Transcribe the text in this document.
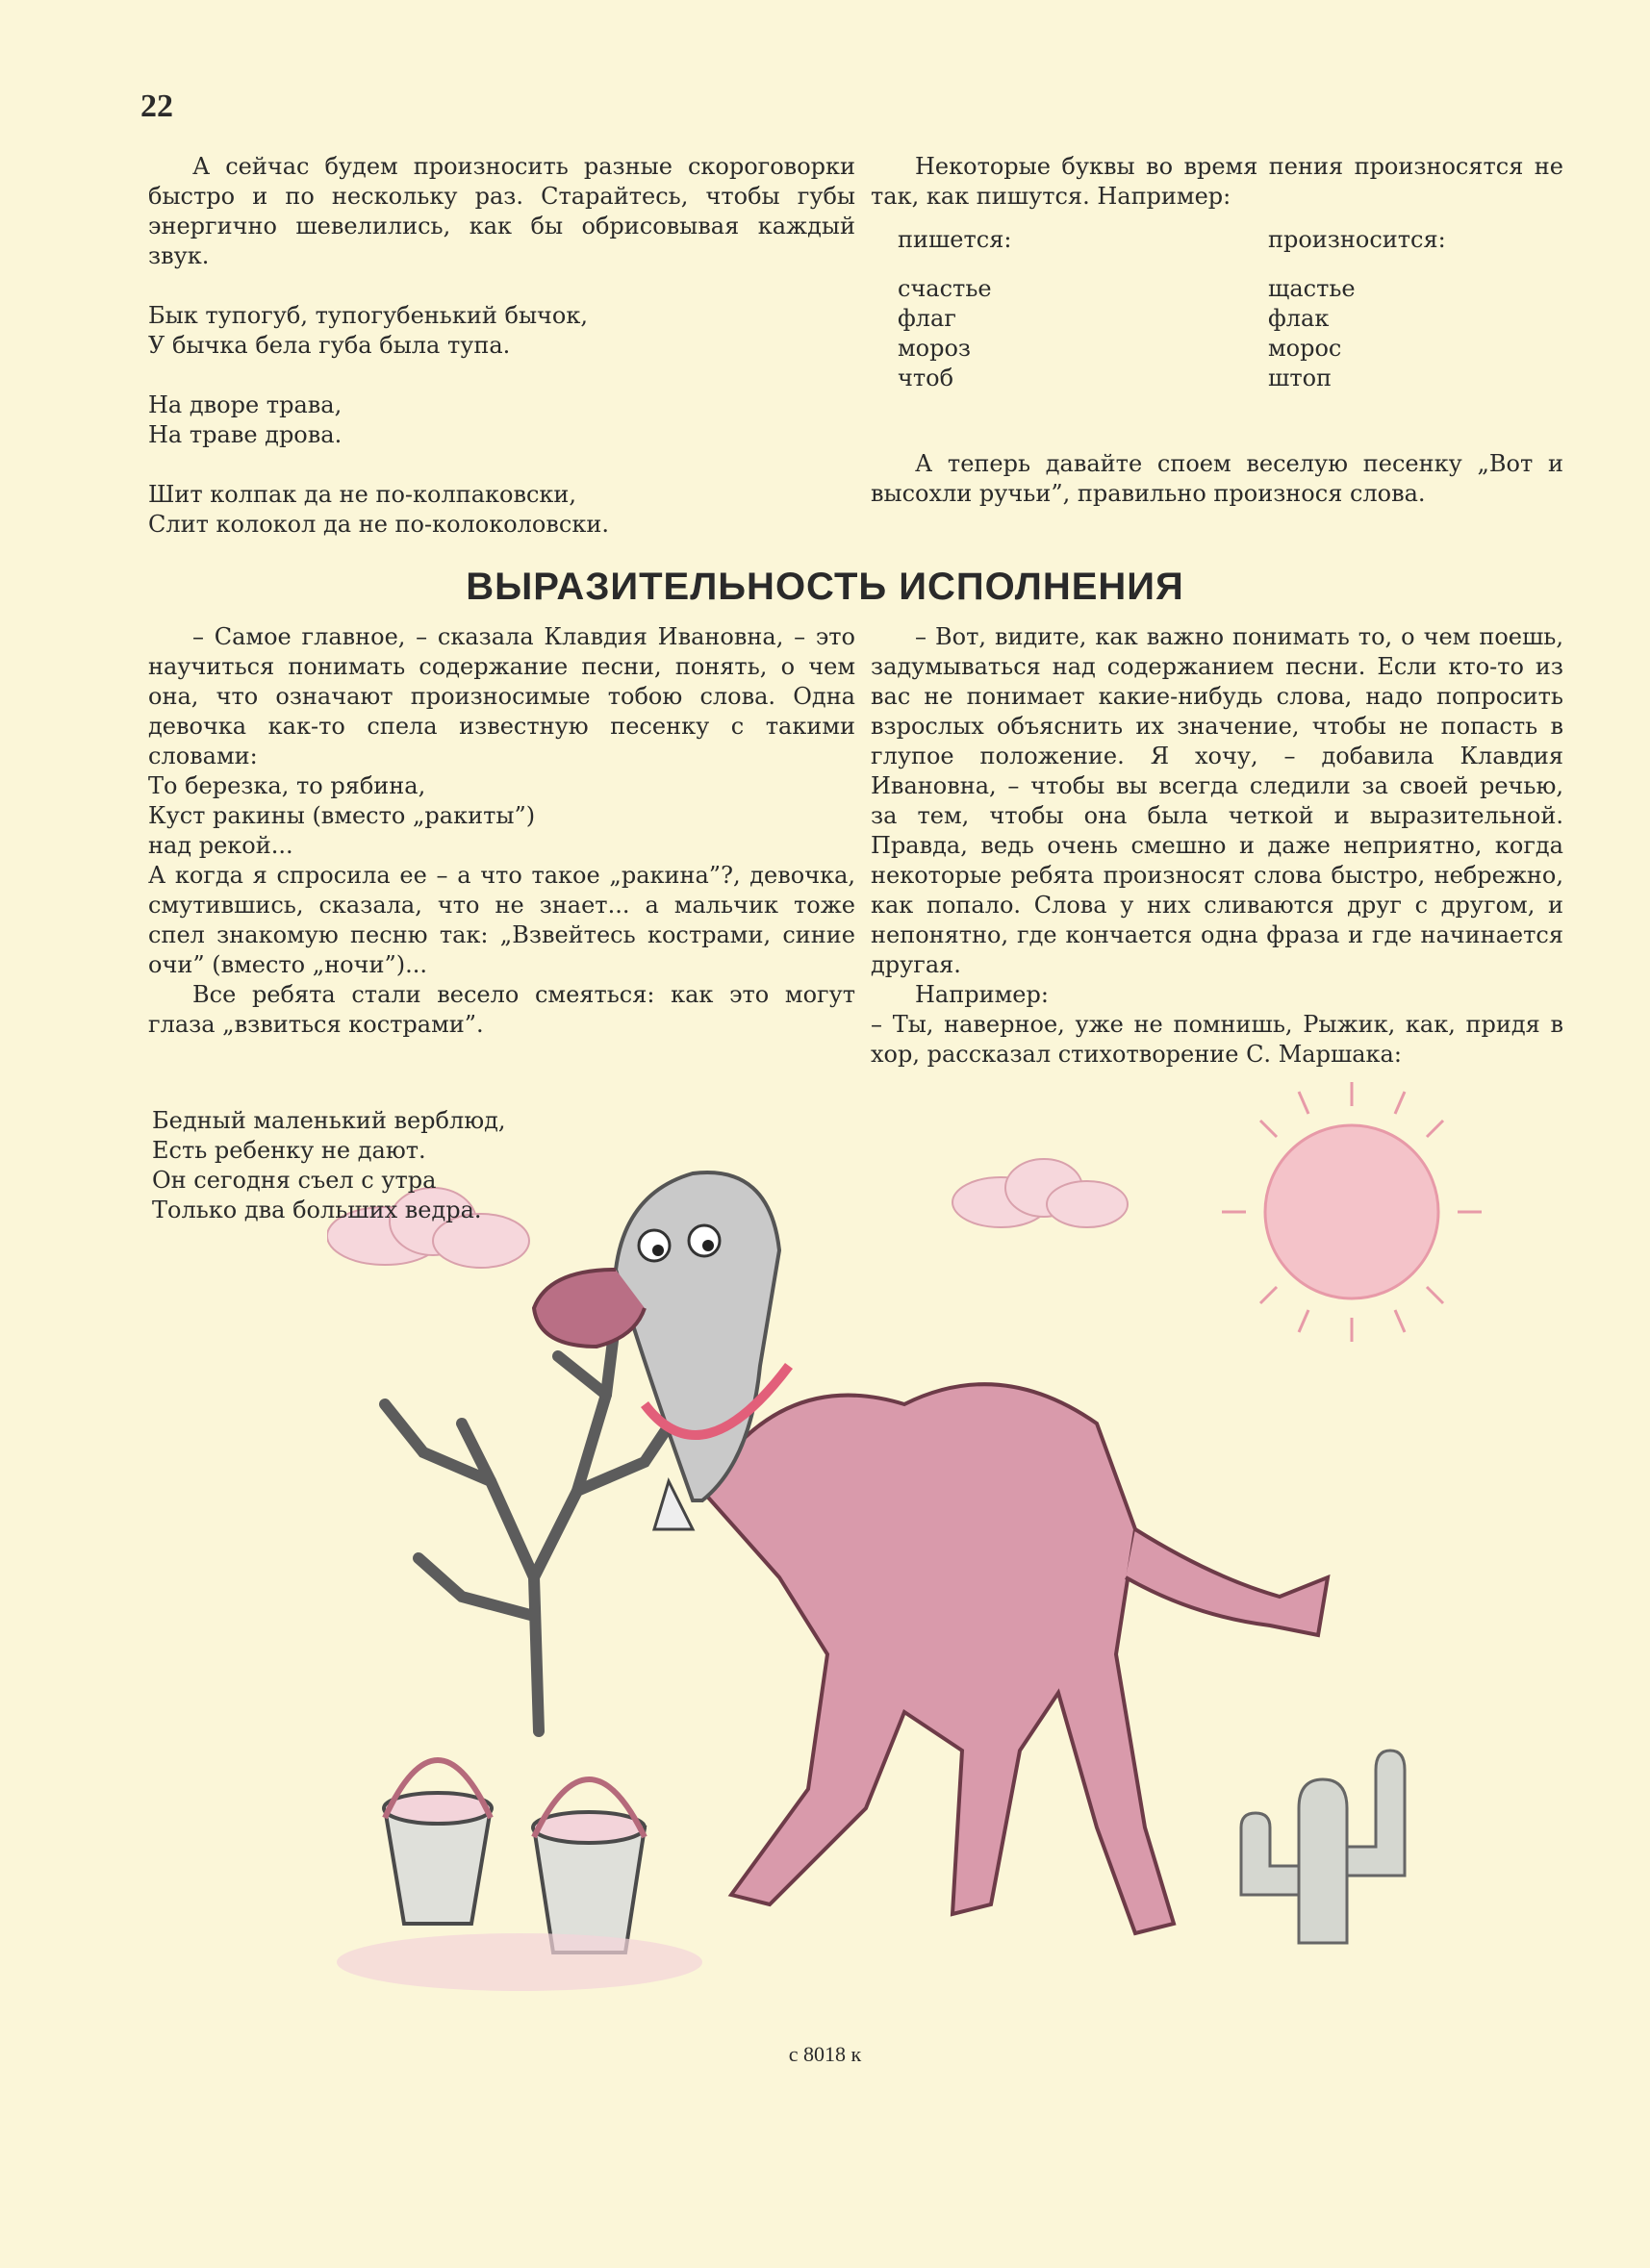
22

А сейчас будем произносить разные скороговорки быстро и по нескольку раз. Старайтесь, чтобы губы энергично шевелились, как бы обрисовывая каждый звук.

Бык тупогуб, тупогубенький бычок,
У бычка бела губа была тупа.

На дворе трава,
На траве дрова.

Шит колпак да не по-колпаковски,
Слит колокол да не по-колоколовски.

Некоторые буквы во время пения произносятся не так, как пишутся. Например:

пишется:	произносится:
счастье	щастье
флаг	флак
мороз	морос
чтоб	штоп

А теперь давайте споем веселую песенку „Вот и высохли ручьи”, правильно произнося слова.

ВЫРАЗИТЕЛЬНОСТЬ ИСПОЛНЕНИЯ

– Самое главное, – сказала Клавдия Ивановна, – это научиться понимать содержание песни, понять, о чем она, что означают произносимые тобою слова. Одна девочка как-то спела известную песенку с такими словами:

То березка, то рябина,
Куст ракины (вместо „ракиты”)
над рекой...

А когда я спросила ее – а что такое „ракина”?, девочка, смутившись, сказала, что не знает... а мальчик тоже спел знакомую песню так: „Взвейтесь кострами, синие очи” (вместо „ночи”)...

Все ребята стали весело смеяться: как это могут глаза „взвиться кострами”.

– Вот, видите, как важно понимать то, о чем поешь, задумываться над содержанием песни. Если кто-то из вас не понимает какие-нибудь слова, надо попросить взрослых объяснить их значение, чтобы не попасть в глупое положение. Я хочу, – добавила Клавдия Ивановна, – чтобы вы всегда следили за своей речью, за тем, чтобы она была четкой и выразительной. Правда, ведь очень смешно и даже неприятно, когда некоторые ребята произносят слова быстро, небрежно, как попало. Слова у них сливаются друг с другом, и непонятно, где кончается одна фраза и где начинается другая.

Например:

– Ты, наверное, уже не помнишь, Рыжик, как, придя в хор, рассказал стихотворение С. Маршака:

Бедный маленький верблюд,
Есть ребенку не дают.
Он сегодня съел с утра
Только два больших ведра.

с 8018 к
